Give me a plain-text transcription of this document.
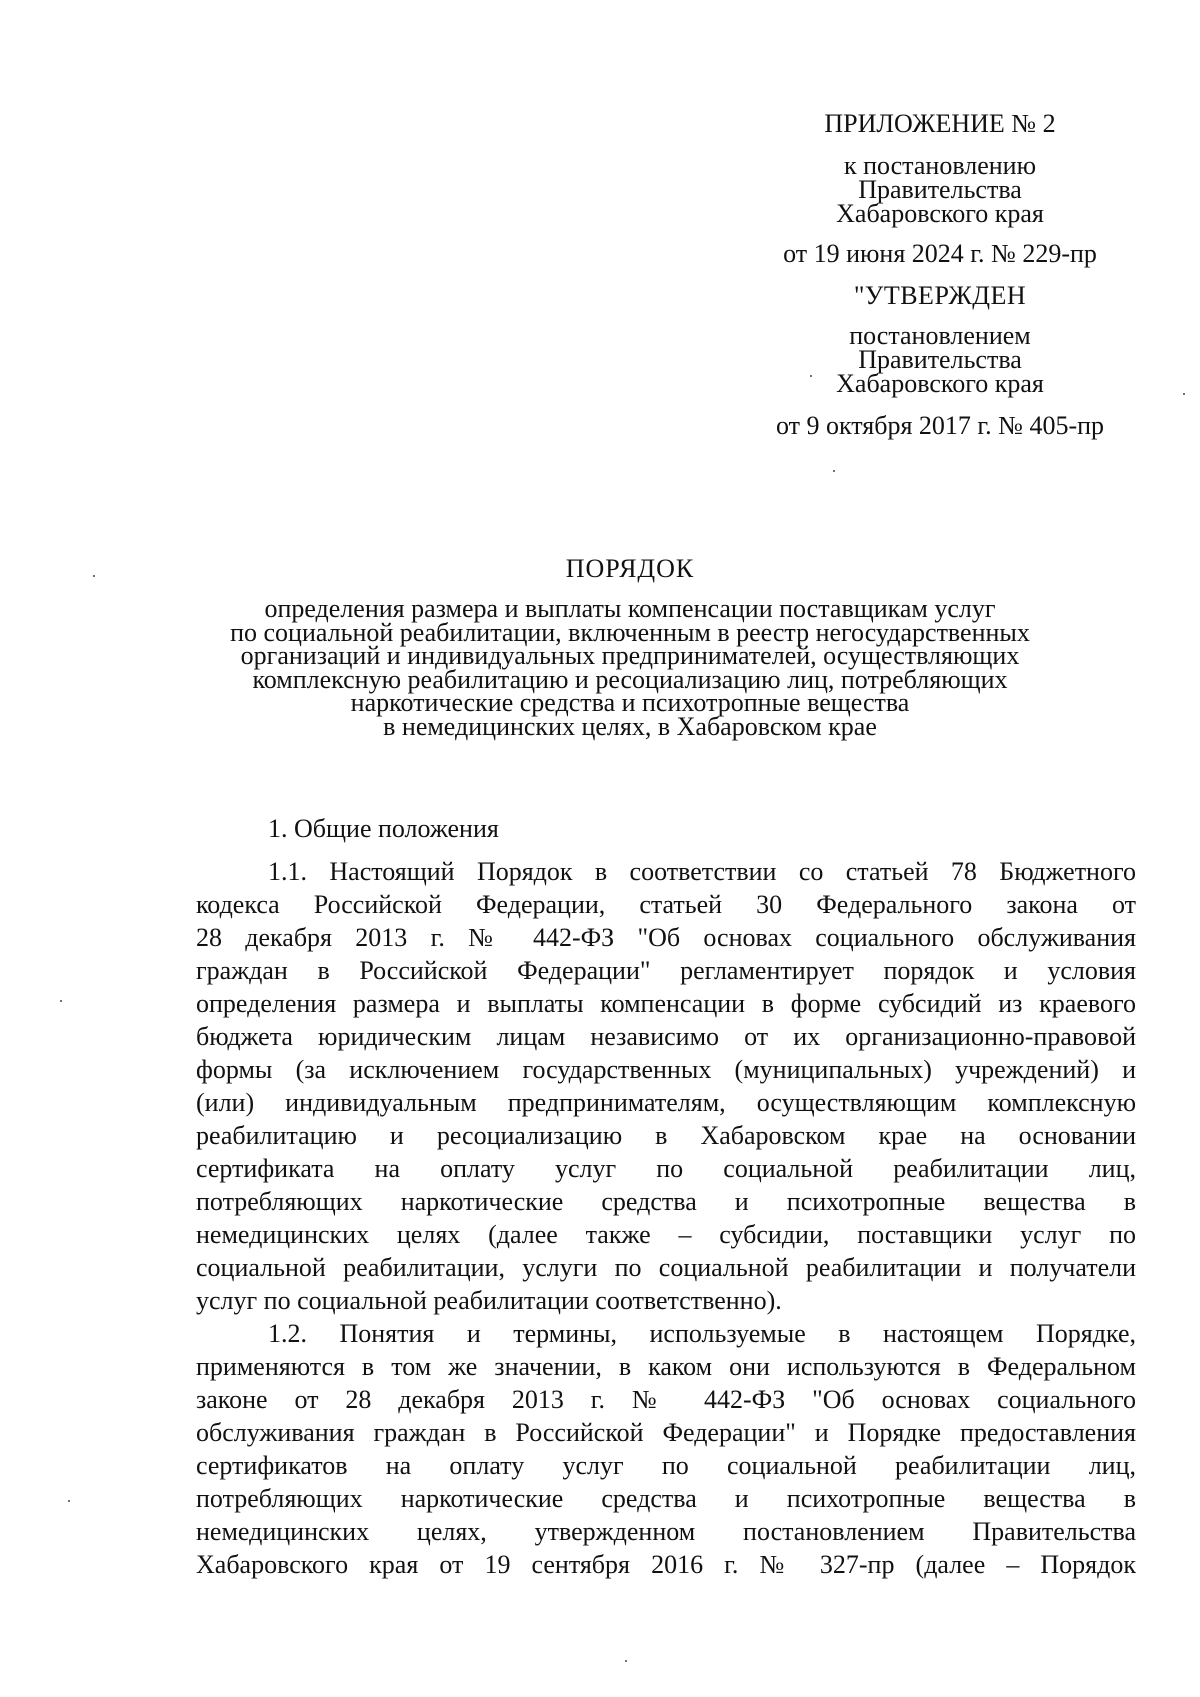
ПРИЛОЖЕНИЕ № 2
к постановлению
Правительства
Хабаровского края
от 19 июня 2024 г. № 229-пр
"УТВЕРЖДЕН
постановлением
Правительства
Хабаровского края
от 9 октября 2017 г. № 405-пр
ПОРЯДОК
определения размера и выплаты компенсации поставщикам услуг
по социальной реабилитации, включенным в реестр негосударственных
организаций и индивидуальных предпринимателей, осуществляющих
комплексную реабилитацию и ресоциализацию лиц, потребляющих
наркотические средства и психотропные вещества
в немедицинских целях, в Хабаровском крае
1. Общие положения
1.1. Настоящий Порядок в соответствии со статьей 78 Бюджетного
кодекса Российской Федерации, статьей 30 Федерального закона от
28 декабря 2013 г. № 442-ФЗ "Об основах социального обслуживания
граждан в Российской Федерации" регламентирует порядок и условия
определения размера и выплаты компенсации в форме субсидий из краевого
бюджета юридическим лицам независимо от их организационно-правовой
формы (за исключением государственных (муниципальных) учреждений) и
(или) индивидуальным предпринимателям, осуществляющим комплексную
реабилитацию и ресоциализацию в Хабаровском крае на основании
сертификата на оплату услуг по социальной реабилитации лиц,
потребляющих наркотические средства и психотропные вещества в
немедицинских целях (далее также – субсидии, поставщики услуг по
социальной реабилитации, услуги по социальной реабилитации и получатели
услуг по социальной реабилитации соответственно).
1.2. Понятия и термины, используемые в настоящем Порядке,
применяются в том же значении, в каком они используются в Федеральном
законе от 28 декабря 2013 г. № 442-ФЗ "Об основах социального
обслуживания граждан в Российской Федерации" и Порядке предоставления
сертификатов на оплату услуг по социальной реабилитации лиц,
потребляющих наркотические средства и психотропные вещества в
немедицинских целях, утвержденном постановлением Правительства
Хабаровского края от 19 сентября 2016 г. № 327-пр (далее – Порядок
